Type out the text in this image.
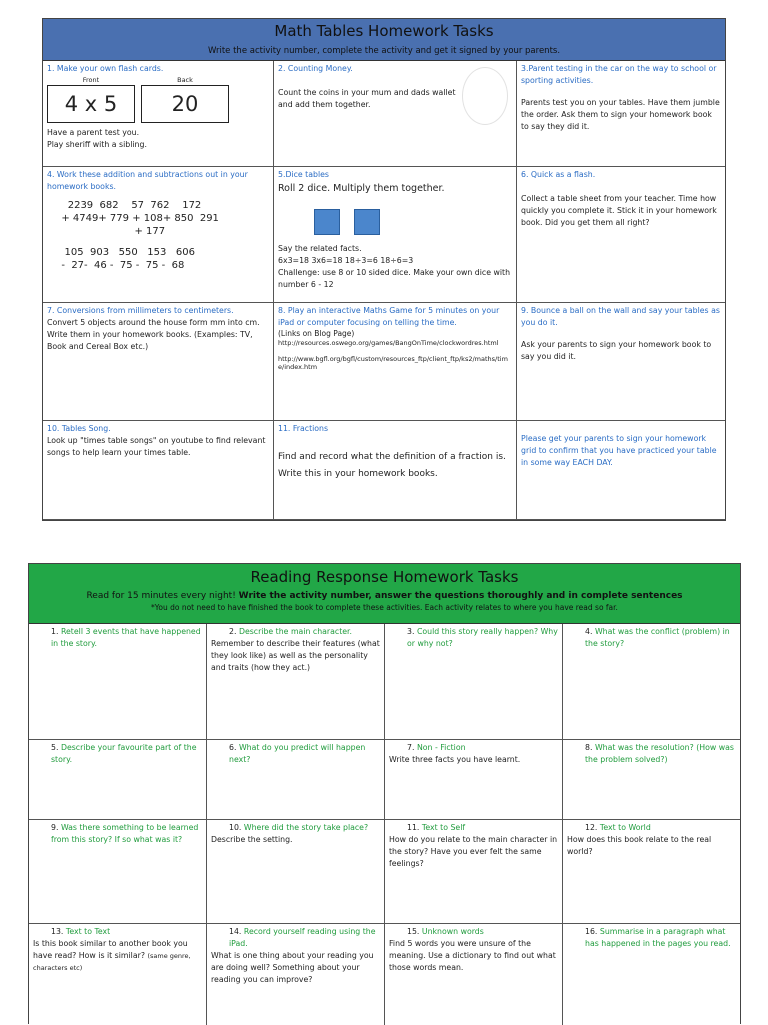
Math Tables Homework Tasks
Write the activity number, complete the activity and get it signed by your parents.
1. Make your own flash cards.
Front
4 x 5
Back
20
Have a parent test you.
Play sheriff with a sibling.
2. Counting Money.
Count the coins in your mum and dads wallet and add them together.
3.Parent testing in the car on the way to school or sporting activities.
Parents test you on your tables. Have them jumble the order. Ask them to sign your homework book to say they did it.
4. Work these addition and subtractions out in your homework books.
2239  682    57  762    172
+ 4749+ 779 + 108+ 850  291
+ 177
105  903   550   153   606
-  27-  46 -  75 -  75 -  68
5.Dice tables
Roll 2 dice. Multiply them together.
Say the related facts.
6x3=18 3x6=18 18÷3=6 18÷6=3
Challenge: use 8 or 10 sided dice. Make your own dice with number 6 - 12
6. Quick as a flash.
Collect a table sheet from your teacher. Time how quickly you complete it. Stick it in your homework book. Did you get them all right?
7. Conversions from millimeters to centimeters.
Convert 5 objects around the house form mm into cm. Write them in your homework books. (Examples: TV, Book and Cereal Box etc.)
8. Play an interactive Maths Game for 5 minutes on your iPad or computer focusing on telling the time.
(Links on Blog Page)
http://resources.oswego.org/games/BangOnTime/clockwordres.html
http://www.bgfl.org/bgfl/custom/resources_ftp/client_ftp/ks2/maths/time/index.htm
9. Bounce a ball on the wall and say your tables as you do it.
Ask your parents to sign your homework book to say you did it.
10. Tables Song.
Look up "times table songs" on youtube to find relevant songs to help learn your times table.
11. Fractions
Find and record what the definition of a fraction is. Write this in your homework books.
Please get your parents to sign your homework grid to confirm that you have practiced your table in some way EACH DAY.
Reading Response Homework Tasks
Read for 15 minutes every night! Write the activity number, answer the questions thoroughly and in complete sentences
*You do not need to have finished the book to complete these activities. Each activity relates to where you have read so far.
1. Retell 3 events that have happened in the story.
2. Describe the main character.
Remember to describe their features (what they look like) as well as the personality and traits (how they act.)
3. Could this story really happen? Why or why not?
4. What was the conflict (problem) in the story?
5. Describe your favourite part of the story.
6. What do you predict will happen next?
7. Non - Fiction
Write three facts you have learnt.
8. What was the resolution? (How was the problem solved?)
9. Was there something to be learned from this story? If so what was it?
10. Where did the story take place?
Describe the setting.
11. Text to Self
How do you relate to the main character in the story? Have you ever felt the same feelings?
12. Text to World
How does this book relate to the real world?
13. Text to Text
Is this book similar to another book you have read? How is it similar? (same genre, characters etc)
14. Record yourself reading using the iPad.
What is one thing about your reading you are doing well? Something about your reading you can improve?
15. Unknown words
Find 5 words you were unsure of the meaning. Use a dictionary to find out what those words mean.
16. Summarise in a paragraph what has happened in the pages you read.
